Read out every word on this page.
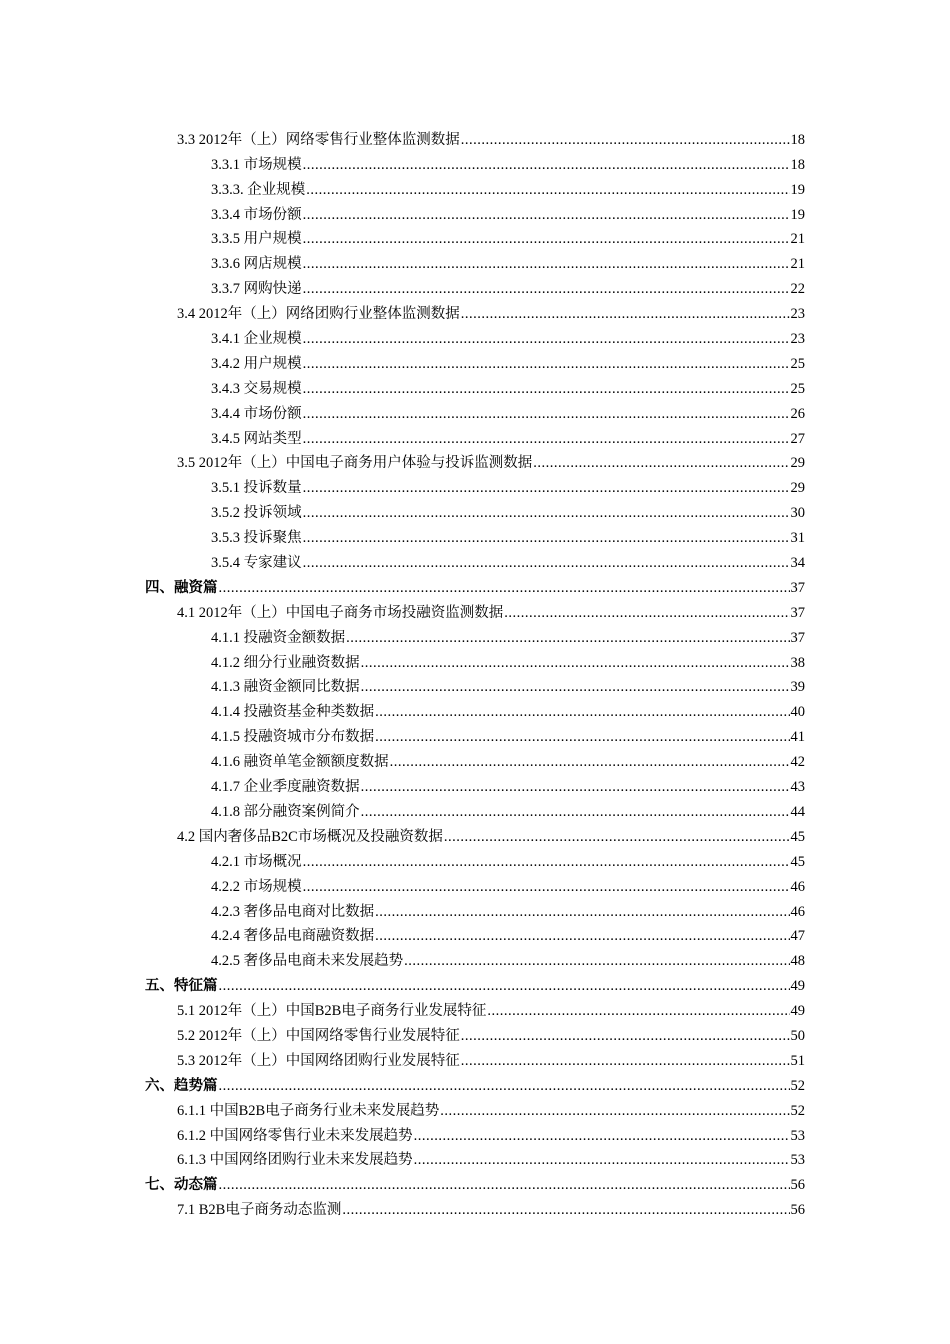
3.3 2012年（上）网络零售行业整体监测数据 .....	18
3.3.1 市场规模 .....	18
3.3.3. 企业规模 .....	19
3.3.4 市场份额 .....	19
3.3.5 用户规模 .....	21
3.3.6 网店规模 .....	21
3.3.7 网购快递 .....	22
3.4 2012年（上）网络团购行业整体监测数据 .....	23
3.4.1 企业规模 .....	23
3.4.2 用户规模 .....	25
3.4.3 交易规模 .....	25
3.4.4 市场份额 .....	26
3.4.5 网站类型 .....	27
3.5 2012年（上）中国电子商务用户体验与投诉监测数据 .....	29
3.5.1 投诉数量 .....	29
3.5.2 投诉领域 .....	30
3.5.3 投诉聚焦 .....	31
3.5.4 专家建议 .....	34
四、融资篇 .....	37
4.1 2012年（上）中国电子商务市场投融资监测数据 .....	37
4.1.1 投融资金额数据 .....	37
4.1.2 细分行业融资数据 .....	38
4.1.3 融资金额同比数据 .....	39
4.1.4 投融资基金种类数据 .....	40
4.1.5 投融资城市分布数据 .....	41
4.1.6 融资单笔金额额度数据 .....	42
4.1.7 企业季度融资数据 .....	43
4.1.8 部分融资案例简介 .....	44
4.2 国内奢侈品B2C市场概况及投融资数据 .....	45
4.2.1 市场概况 .....	45
4.2.2 市场规模 .....	46
4.2.3 奢侈品电商对比数据 .....	46
4.2.4 奢侈品电商融资数据 .....	47
4.2.5 奢侈品电商未来发展趋势 .....	48
五、特征篇 .....	49
5.1 2012年（上）中国B2B电子商务行业发展特征 .....	49
5.2 2012年（上）中国网络零售行业发展特征 .....	50
5.3 2012年（上）中国网络团购行业发展特征 .....	51
六、趋势篇 .....	52
6.1.1 中国B2B电子商务行业未来发展趋势 .....	52
6.1.2 中国网络零售行业未来发展趋势 .....	53
6.1.3 中国网络团购行业未来发展趋势 .....	53
七、动态篇 .....	56
7.1 B2B电子商务动态监测 .....	56
